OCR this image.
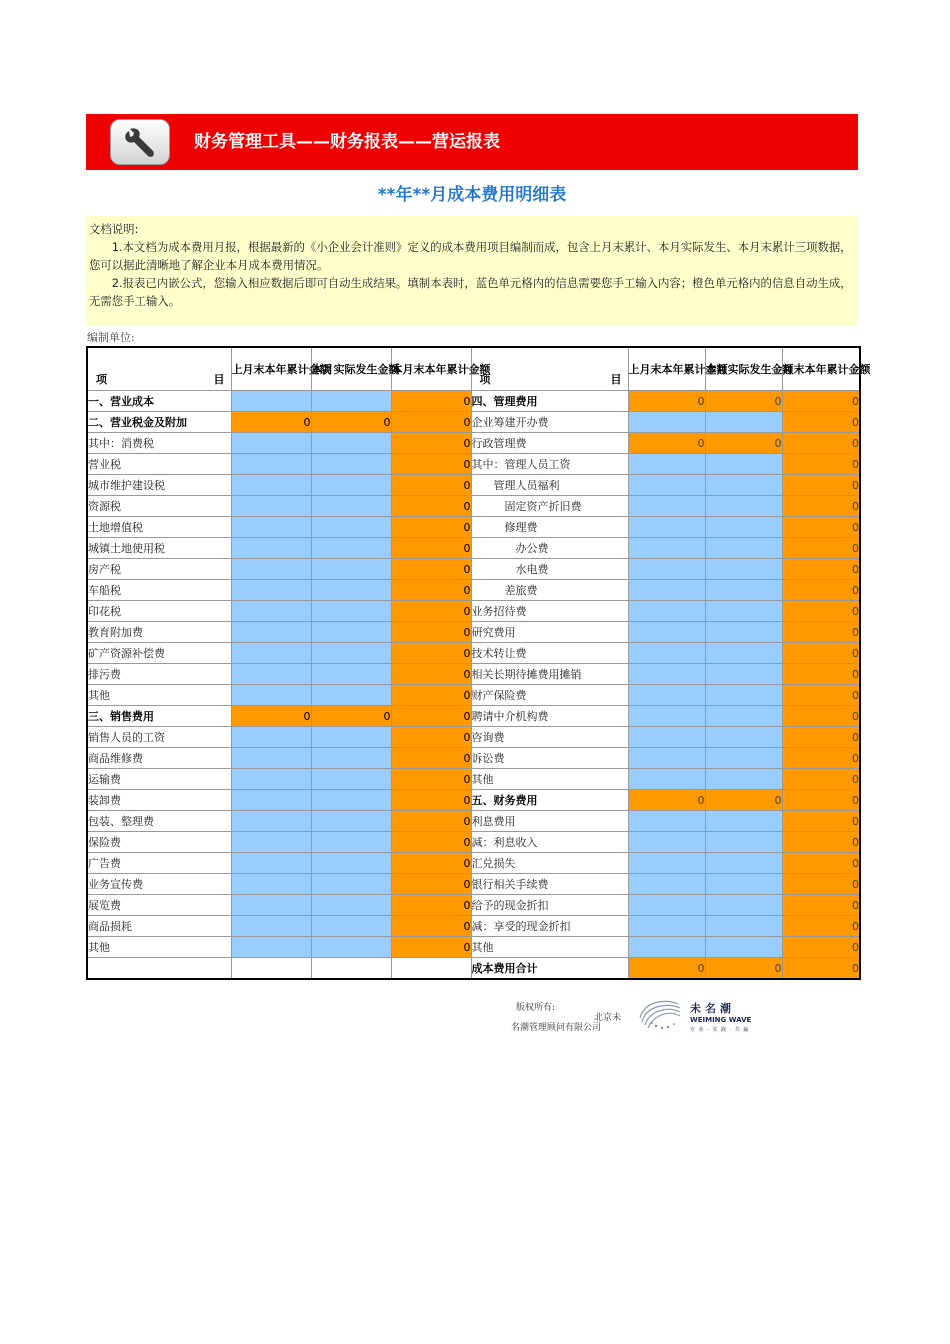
财务管理工具——财务报表——营运报表
**年**月成本费用明细表

文档说明:

　　1.本文档为成本费用月报，根据最新的《小企业会计准则》定义的成本费用项目编制而成，包含上月末累计、本月实际发生、本月末累计三项数据，您可以据此清晰地了解企业本月成本费用情况。

　　2.报表已内嵌公式，您输入相应数据后即可自动生成结果。填制本表时，蓝色单元格内的信息需要您手工输入内容；橙色单元格内的信息自动生成，无需您手工输入。

编制单位:
项 目	上月末本年累计金额	本月实际发生金额	本月末本年累计金额	项 目	上月末本年累计金额	本月实际发生金额	月末本年累计金额
一、营业成本			0	四、管理费用	0	0	0
二、营业税金及附加	0	0	0	企业筹建开办费			0
其中：消费税			0	行政管理费	0	0	0
营业税			0	其中：管理人员工资			0
城市维护建设税			0	　　管理人员福利			0
资源税			0	　　　固定资产折旧费			0
土地增值税			0	　　　修理费			0
城镇土地使用税			0	　　　　办公费			0
房产税			0	　　　　水电费			0
车船税			0	　　　差旅费			0
印花税			0	业务招待费			0
教育附加费			0	研究费用			0
矿产资源补偿费			0	技术转让费			0
排污费			0	相关长期待摊费用摊销			0
其他			0	财产保险费			0
三、销售费用	0	0	0	聘请中介机构费			0
销售人员的工资			0	咨询费			0
商品维修费			0	诉讼费			0
运输费			0	其他			0
装卸费			0	五、财务费用	0	0	0
包装、整理费			0	利息费用			0
保险费			0	减：利息收入			0
广告费			0	汇兑损失			0
业务宣传费			0	银行相关手续费			0
展览费			0	给予的现金折扣			0
商品损耗			0	减：享受的现金折扣			0
其他			0	其他			0
				成本费用合计	0	0	0
版权所有:
北京未
名潮管理顾问有限公司
未名潮
WEIMING WAVE
专 业 · 实 践 · 共 赢
